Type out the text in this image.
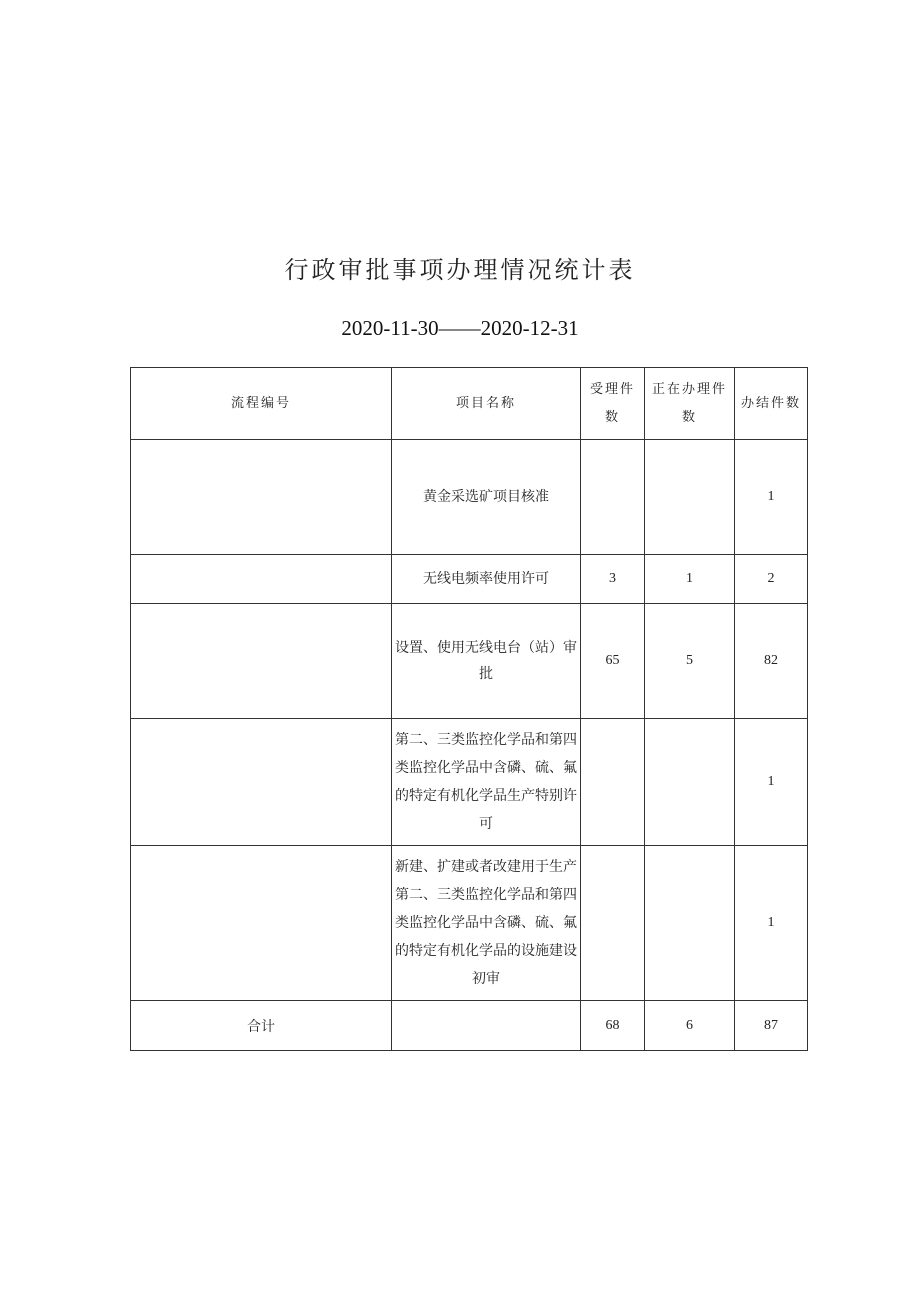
行政审批事项办理情况统计表
2020-11-30——2020-12-31
流程编号	项目名称	受理件数	正在办理件数	办结件数
	黄金采选矿项目核准			1
	无线电频率使用许可	3	1	2
	设置、使用无线电台（站）审批	65	5	82
	第二、三类监控化学品和第四类监控化学品中含磷、硫、氟的特定有机化学品生产特别许可			1
	新建、扩建或者改建用于生产第二、三类监控化学品和第四类监控化学品中含磷、硫、氟的特定有机化学品的设施建设初审			1
合计		68	6	87
